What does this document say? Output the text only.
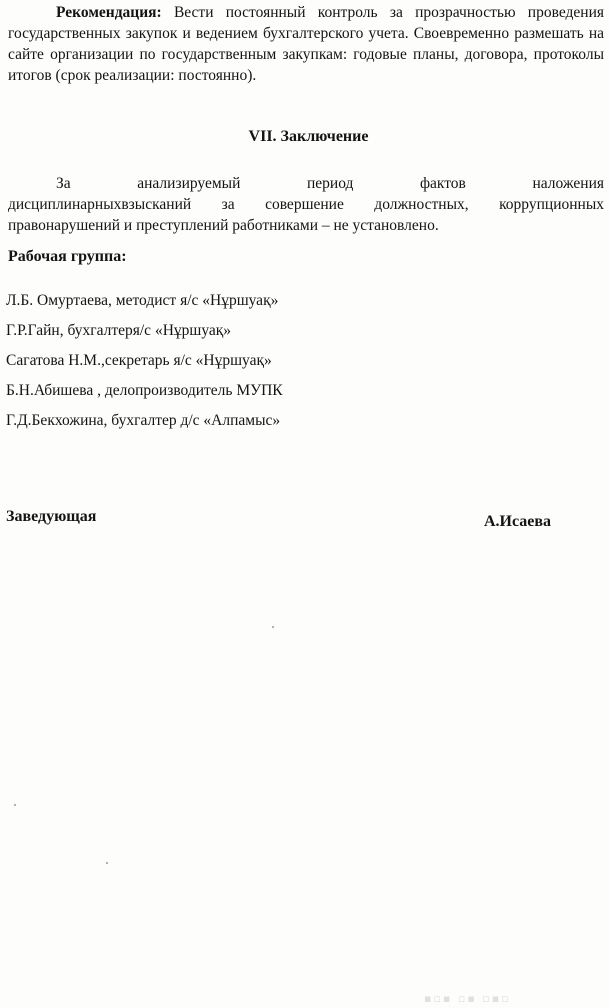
Рекомендация: Вести постоянный контроль за прозрачностью проведения государственных закупок и ведением бухгалтерского учета. Своевременно размешать на сайте организации по государственным закупкам: годовые планы, договора, протоколы итогов (срок реализации: постоянно).

VII. Заключение

За анализируемый период фактов наложения
дисциплинарныхвзысканий за совершение должностных, коррупционных правонарушений и преступлений работниками – не установлено.

Рабочая группа:
Л.Б. Омуртаева, методист я/с «Нұршуақ»
Г.Р.Гайн, бухгалтеря/с «Нұршуақ»
Сагатова Н.М.,секретарь я/с «Нұршуақ»
Б.Н.Абишева , делопроизводитель МУПК
Г.Д.Бекхожина, бухгалтер д/с «Алпамыс»
Заведующая	А.Исаева
▪▫▪ ▫▪ ▫▪▫
